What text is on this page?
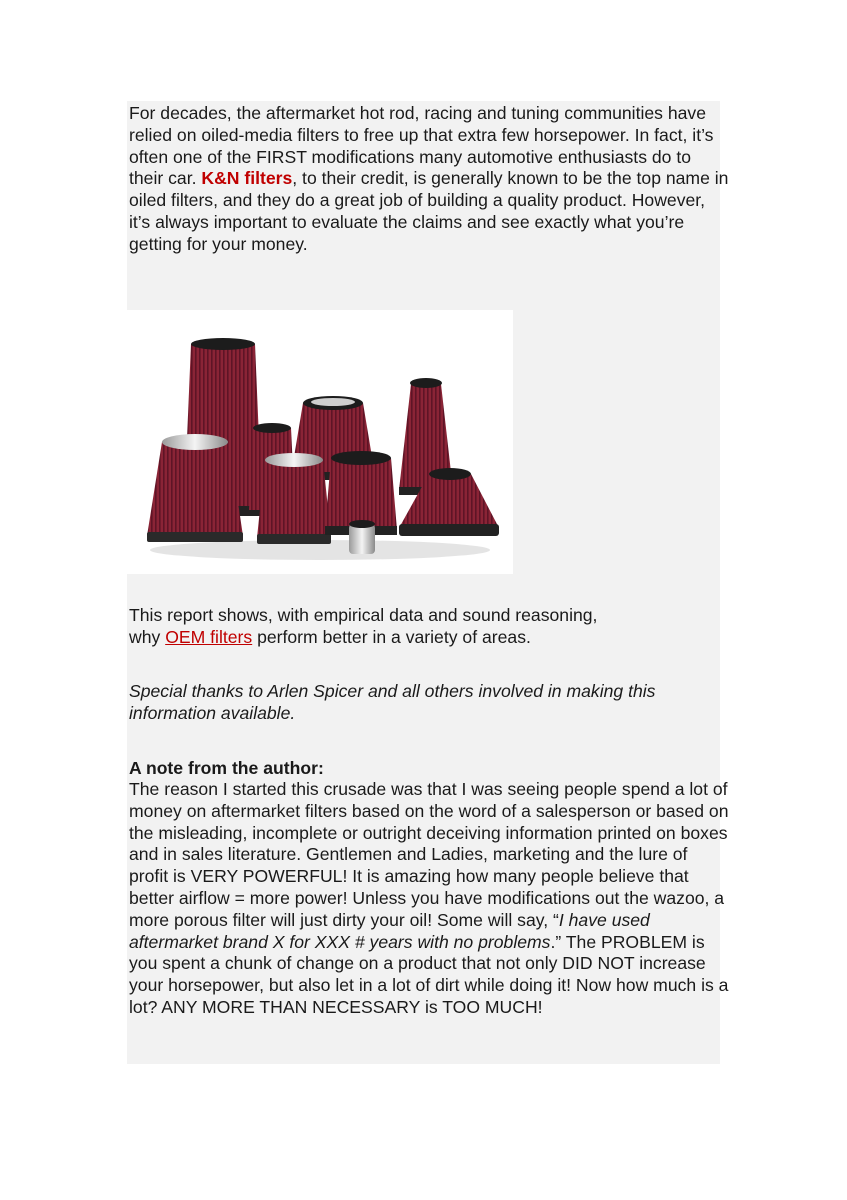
For decades, the aftermarket hot rod, racing and tuning communities have relied on oiled-media filters to free up that extra few horsepower. In fact, it’s often one of the FIRST modifications many automotive enthusiasts do to their car. K&N filters, to their credit, is generally known to be the top name in oiled filters, and they do a great job of building a quality product. However, it’s always important to evaluate the claims and see exactly what you’re getting for your money.
This report shows, with empirical data and sound reasoning,
why OEM filters perform better in a variety of areas.
Special thanks to Arlen Spicer and all others involved in making this information available.
A note from the author:
The reason I started this crusade was that I was seeing people spend a lot of money on aftermarket filters based on the word of a salesperson or based on the misleading, incomplete or outright deceiving information printed on boxes and in sales literature. Gentlemen and Ladies, marketing and the lure of profit is VERY POWERFUL! It is amazing how many people believe that better airflow = more power! Unless you have modifications out the wazoo, a more porous filter will just dirty your oil! Some will say, “I have used aftermarket brand X for XXX # years with no problems.” The PROBLEM is you spent a chunk of change on a product that not only DID NOT increase your horsepower, but also let in a lot of dirt while doing it! Now how much is a lot? ANY MORE THAN NECESSARY is TOO MUCH!
